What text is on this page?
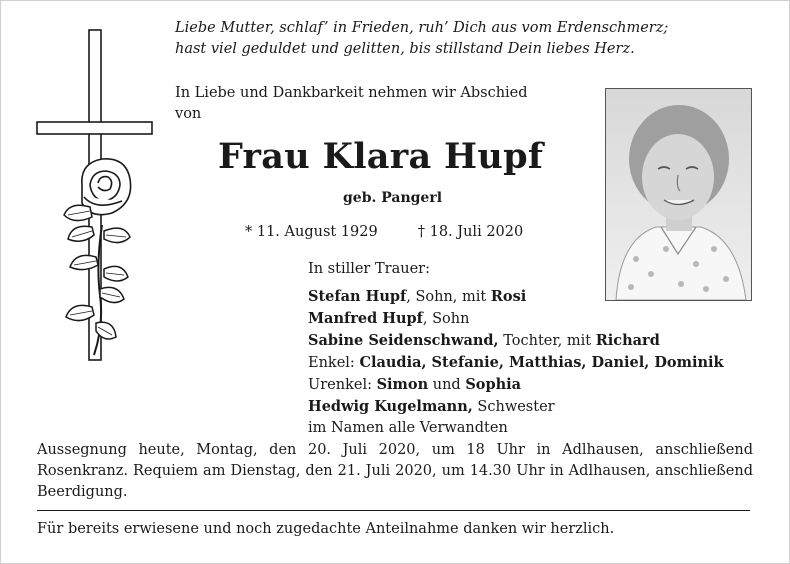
Liebe Mutter, schlaf’ in Frieden, ruh’ Dich aus vom Erdenschmerz;
hast viel geduldet und gelitten, bis stillstand Dein liebes Herz.
In Liebe und Dankbarkeit nehmen wir Abschied
von
Frau Klara Hupf
geb. Pangerl
* 11. August 1929	† 18. Juli 2020
In stiller Trauer:
Stefan Hupf, Sohn, mit Rosi
Manfred Hupf, Sohn
Sabine Seidenschwand, Tochter, mit Richard
Enkel: Claudia, Stefanie, Matthias, Daniel, Dominik
Urenkel: Simon und Sophia
Hedwig Kugelmann, Schwester
im Namen alle Verwandten
Aussegnung heute, Montag, den 20. Juli 2020, um 18 Uhr in Adlhausen, anschließend Rosenkranz. Requiem am Dienstag, den 21. Juli 2020, um 14.30 Uhr in Adlhausen, anschließend Beerdigung.
Für bereits erwiesene und noch zugedachte Anteilnahme danken wir herzlich.
